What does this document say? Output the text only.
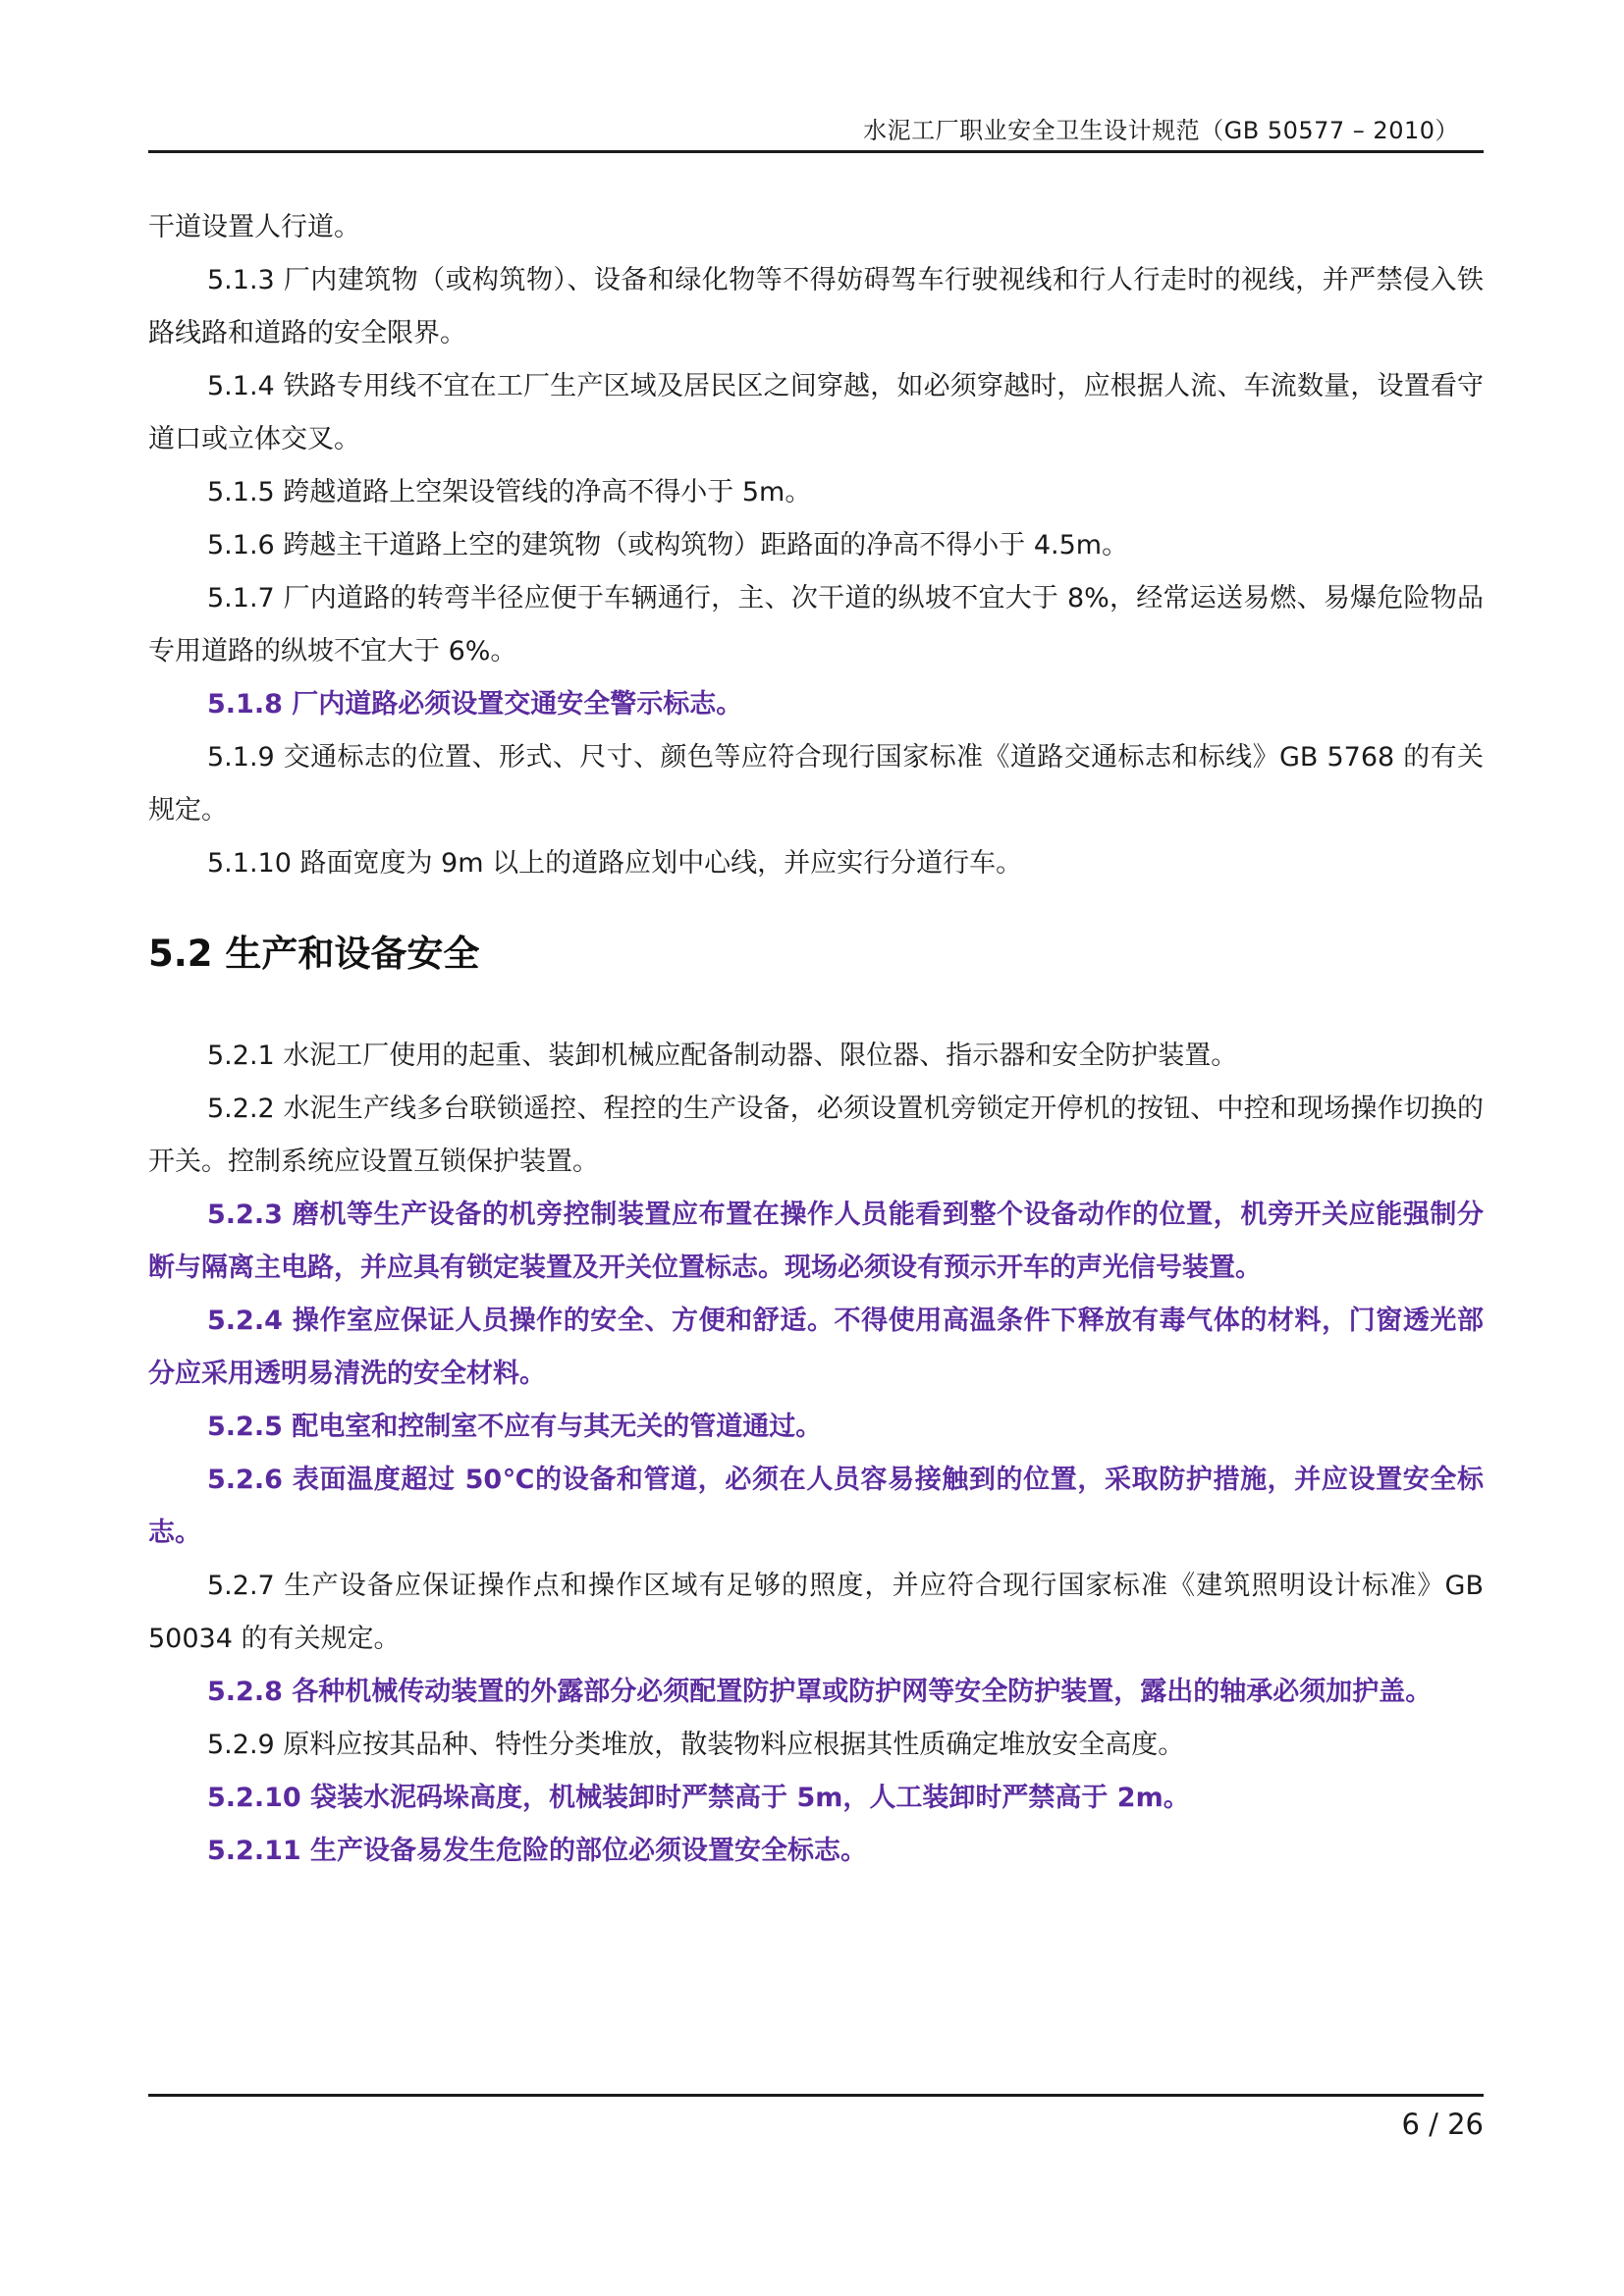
水泥工厂职业安全卫生设计规范（GB 50577 – 2010）

干道设置人行道。

5.1.3 厂内建筑物（或构筑物）、设备和绿化物等不得妨碍驾车行驶视线和行人行走时的视线，并严禁侵入铁路线路和道路的安全限界。

5.1.4 铁路专用线不宜在工厂生产区域及居民区之间穿越，如必须穿越时，应根据人流、车流数量，设置看守道口或立体交叉。

5.1.5 跨越道路上空架设管线的净高不得小于 5m。

5.1.6 跨越主干道路上空的建筑物（或构筑物）距路面的净高不得小于 4.5m。

5.1.7 厂内道路的转弯半径应便于车辆通行，主、次干道的纵坡不宜大于 8%，经常运送易燃、易爆危险物品专用道路的纵坡不宜大于 6%。

5.1.8 厂内道路必须设置交通安全警示标志。

5.1.9 交通标志的位置、形式、尺寸、颜色等应符合现行国家标准《道路交通标志和标线》GB 5768 的有关规定。

5.1.10 路面宽度为 9m 以上的道路应划中心线，并应实行分道行车。

5.2 生产和设备安全

5.2.1 水泥工厂使用的起重、装卸机械应配备制动器、限位器、指示器和安全防护装置。

5.2.2 水泥生产线多台联锁遥控、程控的生产设备，必须设置机旁锁定开停机的按钮、中控和现场操作切换的开关。控制系统应设置互锁保护装置。

5.2.3 磨机等生产设备的机旁控制装置应布置在操作人员能看到整个设备动作的位置，机旁开关应能强制分断与隔离主电路，并应具有锁定装置及开关位置标志。现场必须设有预示开车的声光信号装置。

5.2.4 操作室应保证人员操作的安全、方便和舒适。不得使用高温条件下释放有毒气体的材料，门窗透光部分应采用透明易清洗的安全材料。

5.2.5 配电室和控制室不应有与其无关的管道通过。

5.2.6 表面温度超过 50℃的设备和管道，必须在人员容易接触到的位置，采取防护措施，并应设置安全标志。

5.2.7 生产设备应保证操作点和操作区域有足够的照度，并应符合现行国家标准《建筑照明设计标准》GB 50034 的有关规定。

5.2.8 各种机械传动装置的外露部分必须配置防护罩或防护网等安全防护装置，露出的轴承必须加护盖。

5.2.9 原料应按其品种、特性分类堆放，散装物料应根据其性质确定堆放安全高度。

5.2.10 袋装水泥码垛高度，机械装卸时严禁高于 5m，人工装卸时严禁高于 2m。

5.2.11 生产设备易发生危险的部位必须设置安全标志。

6 / 26
